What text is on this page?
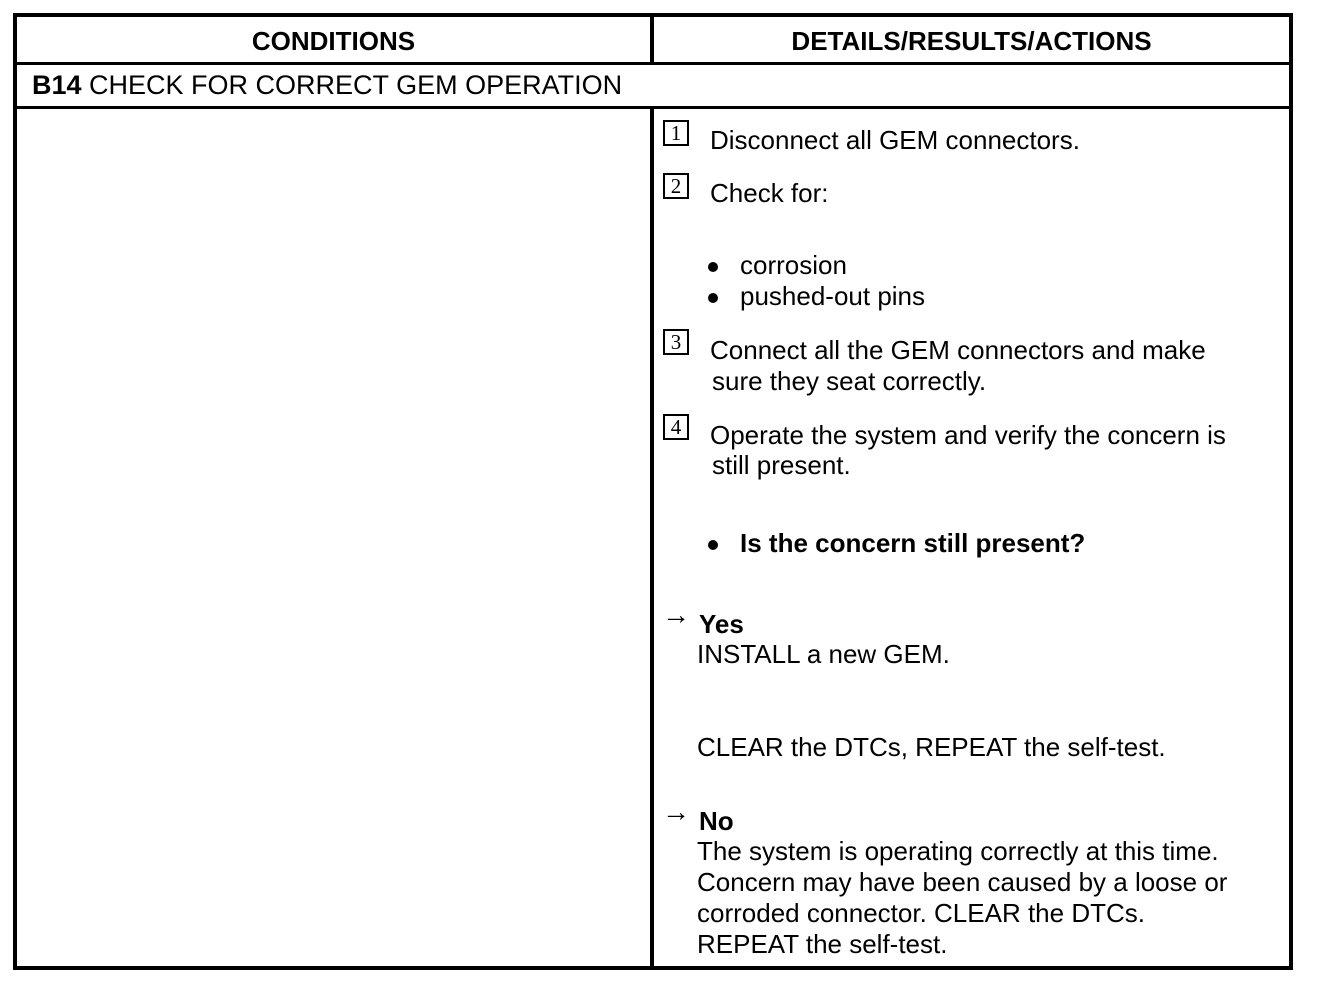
CONDITIONS	DETAILS/RESULTS/ACTIONS
B14 CHECK FOR CORRECT GEM OPERATION
1 Disconnect all GEM connectors.
2 Check for:
corrosion
pushed-out pins
3 Connect all the GEM connectors and make
sure they seat correctly.
4 Operate the system and verify the concern is
still present.
Is the concern still present?
→ Yes
INSTALL a new GEM.
CLEAR the DTCs, REPEAT the self-test.
→ No
The system is operating correctly at this time.
Concern may have been caused by a loose or
corroded connector. CLEAR the DTCs.
REPEAT the self-test.
